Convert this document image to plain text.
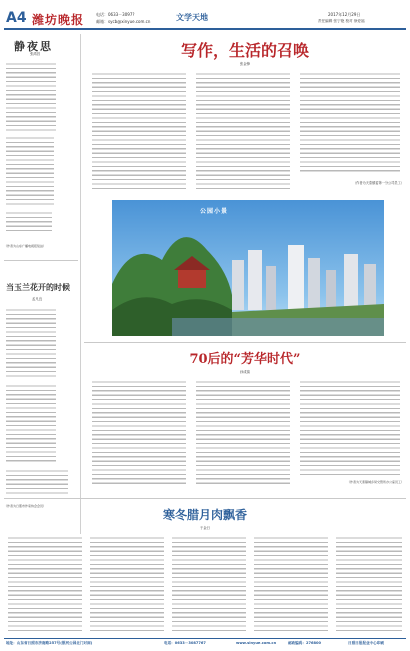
A4 潍坊晚报	电话：0633－3097?
邮箱：sycb@xinyue.com.cn	文学天地	2017年12月29日
责任编辑 张宁艳 校对 徐爱福
静夜思
张鸿昌
（作者为山东广播电视报驻站）
当玉兰花开的时候
孟凡良
（作者为日照市作家协会会员）
写作，生活的召唤
张金锋
（作者为天泰镇委第一分公司员工）
公园小景
70后的“芳华时代”
孙成赛
（作者为天泰镇城乡局交管所办公室员工）
寒冬腊月肉飘香
于金日
地址：山东省日照市济南路257号(银河公园北门对面)	电话：0633－3087767	www.sinyue.com.cn	邮政编码：276800	日照日报报业中心印刷
